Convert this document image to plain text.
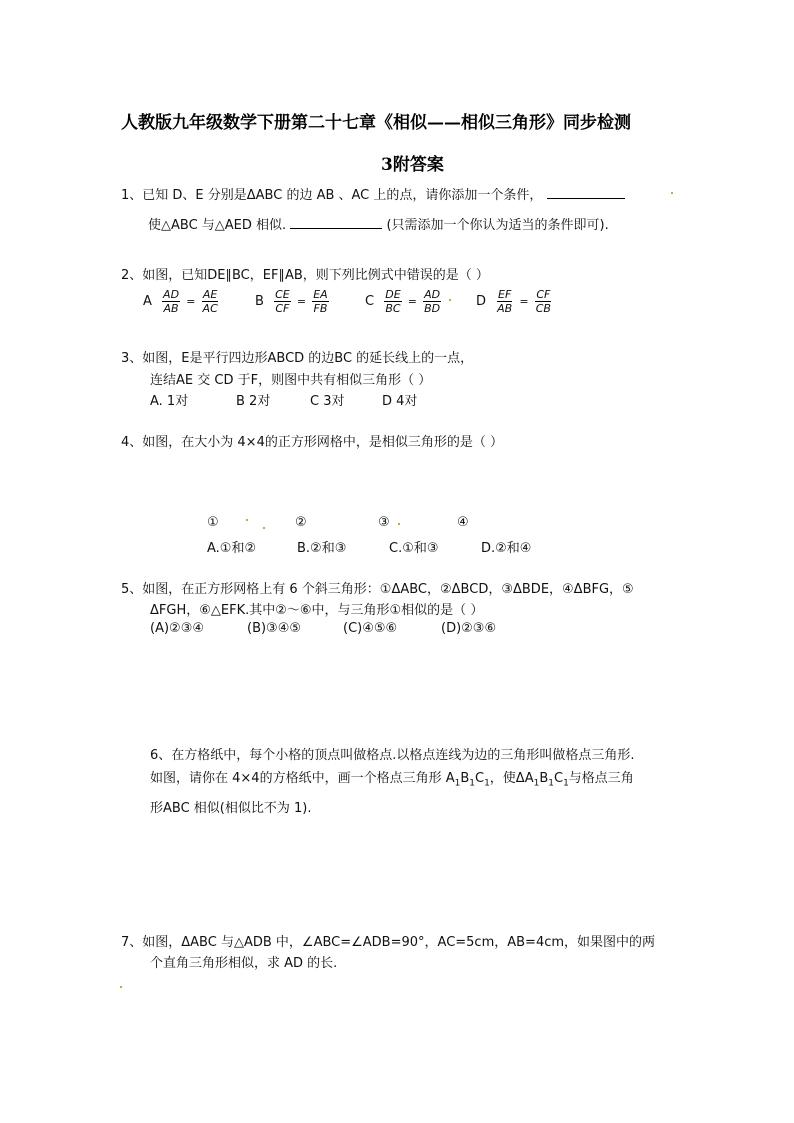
人教版九年级数学下册第二十七章《相似——相似三角形》同步检测
3附答案
1、已知 D、E 分别是ΔABC 的边 AB 、AC 上的点，请你添加一个条件，
使△ABC 与△AED 相似.	(只需添加一个你认为适当的条件即可).
2、如图，已知DE∥BC，EF∥AB，则下列比例式中错误的是（ ）
A $\frac{AD}{AB} = \frac{AE}{AC}$	B $\frac{CE}{CF} = \frac{EA}{FB}$	C $\frac{DE}{BC} = \frac{AD}{BD}$	D $\frac{EF}{AB} = \frac{CF}{CB}$
3、如图，E是平行四边形ABCD 的边BC 的延长线上的一点，
连结AE 交 CD 于F，则图中共有相似三角形（ ）
A. 1对	B 2对	C 3对	D 4对
4、如图，在大小为 4×4的正方形网格中，是相似三角形的是（ ）
①	②	③	④
A.①和②	B.②和③	C.①和③	D.②和④
5、如图，在正方形网格上有 6 个斜三角形：①ΔABC，②ΔBCD，③ΔBDE，④ΔBFG，⑤
ΔFGH，⑥△EFK.其中②～⑥中，与三角形①相似的是（ ）
(A)②③④	(B)③④⑤	(C)④⑤⑥	(D)②③⑥
6、在方格纸中，每个小格的顶点叫做格点.以格点连线为边的三角形叫做格点三角形.
如图，请你在 4×4的方格纸中，画一个格点三角形 $A_1B_1C_1$，使$\Delta A_1B_1C_1$与格点三角
形ABC 相似(相似比不为 1).
7、如图，ΔABC 与△ADB 中，∠ABC=∠ADB=90°，AC=5cm，AB=4cm，如果图中的两
个直角三角形相似，求 AD 的长.
